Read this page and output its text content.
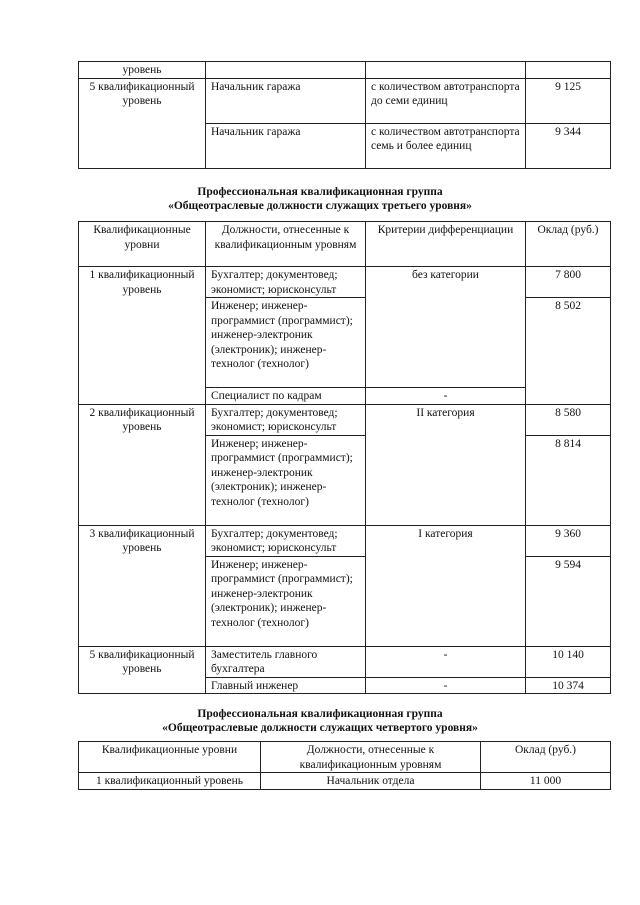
уровень			
5 квалификационный уровень	Начальник гаража	с количеством автотранспорта до семи единиц	9 125
	Начальник гаража	с количеством автотранспорта семь и более единиц	9 344
Профессиональная квалификационная группа
«Общеотраслевые должности служащих третьего уровня»
Квалификационные уровни	Должности, отнесенные к квалификационным уровням	Критерии дифференциации	Оклад (руб.)
1 квалификационный уровень	Бухгалтер; документовед; экономист; юрисконсульт	без категории	7 800
	Инженер; инженер-программист (программист); инженер-электроник (электроник); инженер-технолог (технолог)		8 502
	Специалист по кадрам	-	
2 квалификационный уровень	Бухгалтер; документовед; экономист; юрисконсульт	II категория	8 580
	Инженер; инженер-программист (программист); инженер-электроник (электроник); инженер-технолог (технолог)		8 814
3 квалификационный уровень	Бухгалтер; документовед; экономист; юрисконсульт	I категория	9 360
	Инженер; инженер-программист (программист); инженер-электроник (электроник); инженер-технолог (технолог)		9 594
5 квалификационный уровень	Заместитель главного бухгалтера	-	10 140
	Главный инженер	-	10 374
Профессиональная квалификационная группа
«Общеотраслевые должности служащих четвертого уровня»
Квалификационные уровни	Должности, отнесенные к квалификационным уровням	Оклад (руб.)
1 квалификационный уровень	Начальник отдела	11 000
